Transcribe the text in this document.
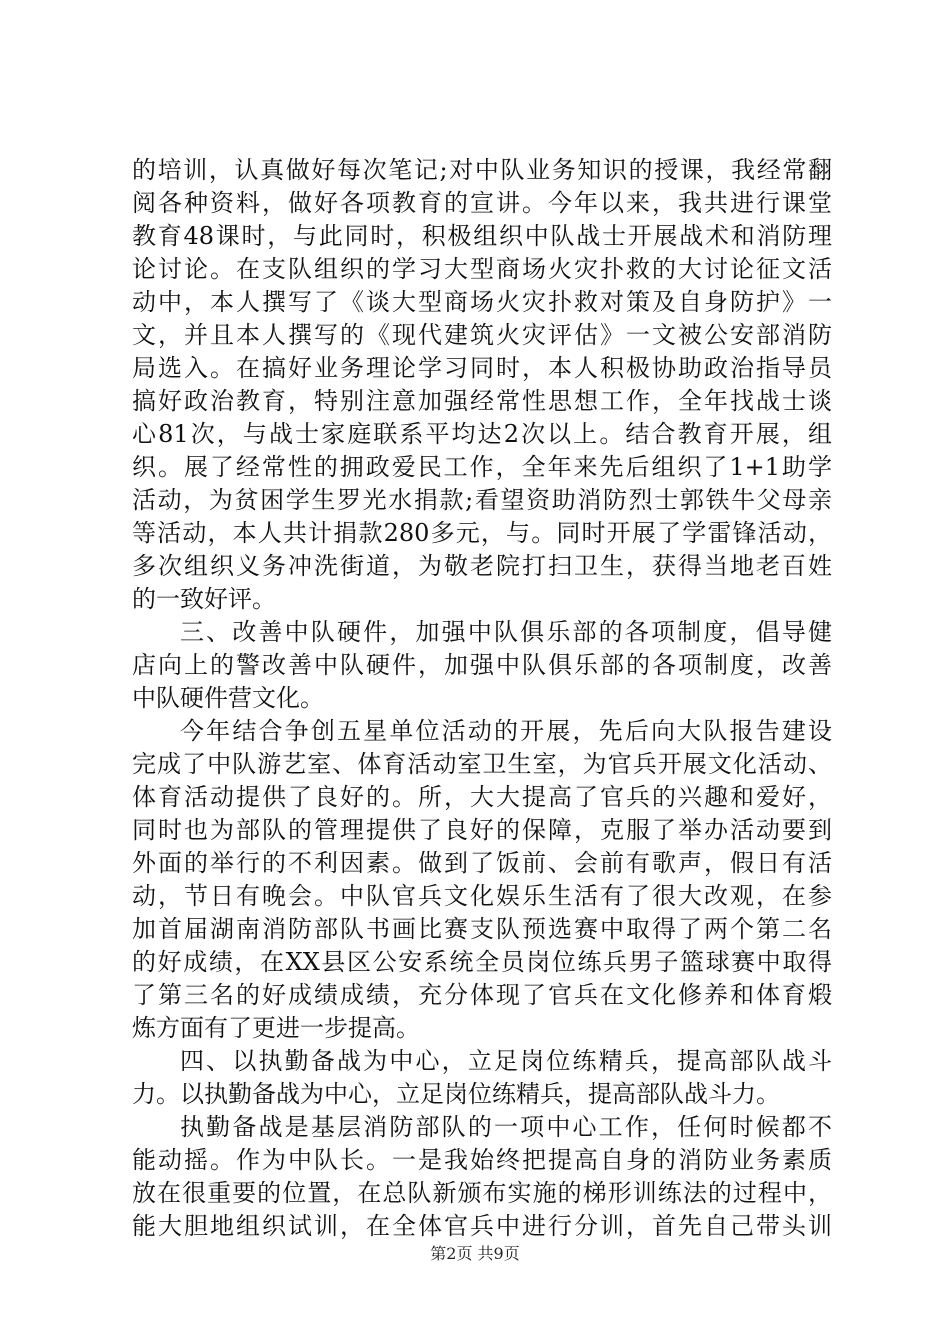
的培训，认真做好每次笔记;对中队业务知识的授课，我经常翻
阅各种资料，做好各项教育的宣讲。今年以来，我共进行课堂
教育48课时，与此同时，积极组织中队战士开展战术和消防理
论讨论。在支队组织的学习大型商场火灾扑救的大讨论征文活
动中，本人撰写了《谈大型商场火灾扑救对策及自身防护》一
文，并且本人撰写的《现代建筑火灾评估》一文被公安部消防
局选入。在搞好业务理论学习同时，本人积极协助政治指导员
搞好政治教育，特别注意加强经常性思想工作，全年找战士谈
心81次，与战士家庭联系平均达2次以上。结合教育开展，组
织。展了经常性的拥政爱民工作，全年来先后组织了1+1助学
活动，为贫困学生罗光水捐款;看望资助消防烈士郭铁牛父母亲
等活动，本人共计捐款280多元，与。同时开展了学雷锋活动，
多次组织义务冲洗街道，为敬老院打扫卫生，获得当地老百姓
的一致好评。
三、改善中队硬件，加强中队俱乐部的各项制度，倡导健
店向上的警改善中队硬件，加强中队俱乐部的各项制度，改善
中队硬件营文化。
今年结合争创五星单位活动的开展，先后向大队报告建设
完成了中队游艺室、体育活动室卫生室，为官兵开展文化活动、
体育活动提供了良好的。所，大大提高了官兵的兴趣和爱好，
同时也为部队的管理提供了良好的保障，克服了举办活动要到
外面的举行的不利因素。做到了饭前、会前有歌声，假日有活
动，节日有晚会。中队官兵文化娱乐生活有了很大改观，在参
加首届湖南消防部队书画比赛支队预选赛中取得了两个第二名
的好成绩，在XX县区公安系统全员岗位练兵男子篮球赛中取得
了第三名的好成绩成绩，充分体现了官兵在文化修养和体育煅
炼方面有了更进一步提高。
四、以执勤备战为中心，立足岗位练精兵，提高部队战斗
力。以执勤备战为中心，立足岗位练精兵，提高部队战斗力。
执勤备战是基层消防部队的一项中心工作，任何时候都不
能动摇。作为中队长。一是我始终把提高自身的消防业务素质
放在很重要的位置，在总队新颁布实施的梯形训练法的过程中，
能大胆地组织试训，在全体官兵中进行分训，首先自己带头训
第2页 共9页
